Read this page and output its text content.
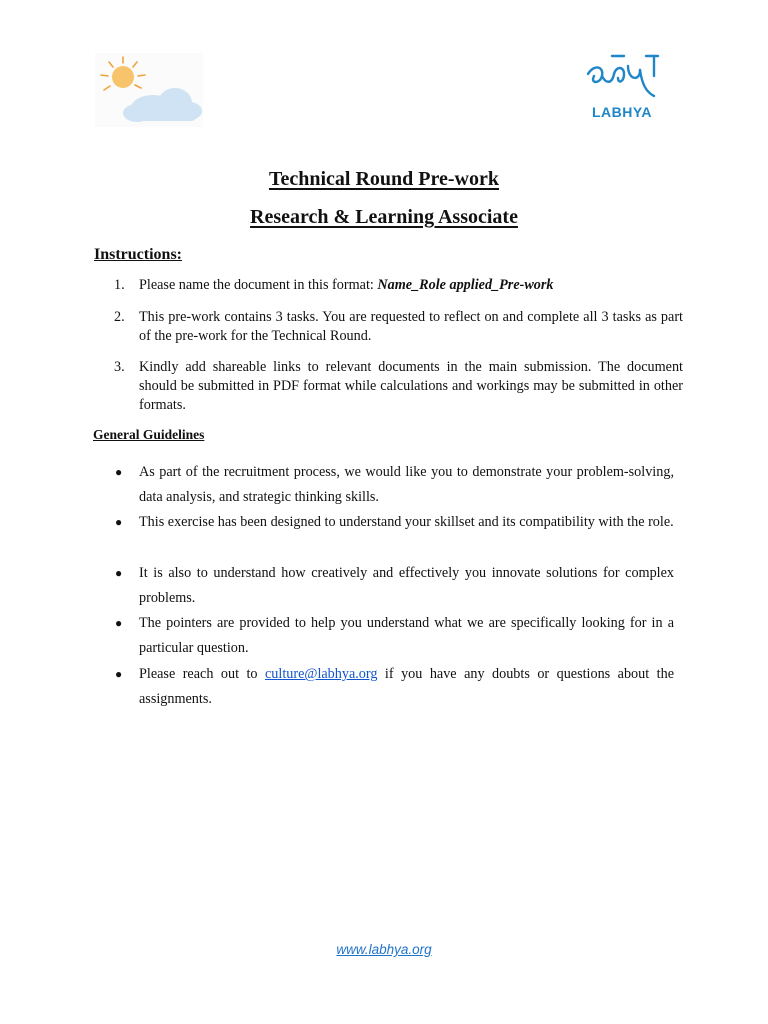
LABHYA
Technical Round Pre-work
Research & Learning Associate
Instructions:
1. Please name the document in this format: Name_Role applied_Pre-work
2. This pre-work contains 3 tasks. You are requested to reflect on and complete all 3 tasks as part of the pre-work for the Technical Round.
3. Kindly add shareable links to relevant documents in the main submission. The document should be submitted in PDF format while calculations and workings may be submitted in other formats.
General Guidelines
● As part of the recruitment process, we would like you to demonstrate your problem-solving, data analysis, and strategic thinking skills.
● This exercise has been designed to understand your skillset and its compatibility with the role.
● It is also to understand how creatively and effectively you innovate solutions for complex problems.
● The pointers are provided to help you understand what we are specifically looking for in a particular question.
● Please reach out to culture@labhya.org if you have any doubts or questions about the assignments.
www.labhya.org
